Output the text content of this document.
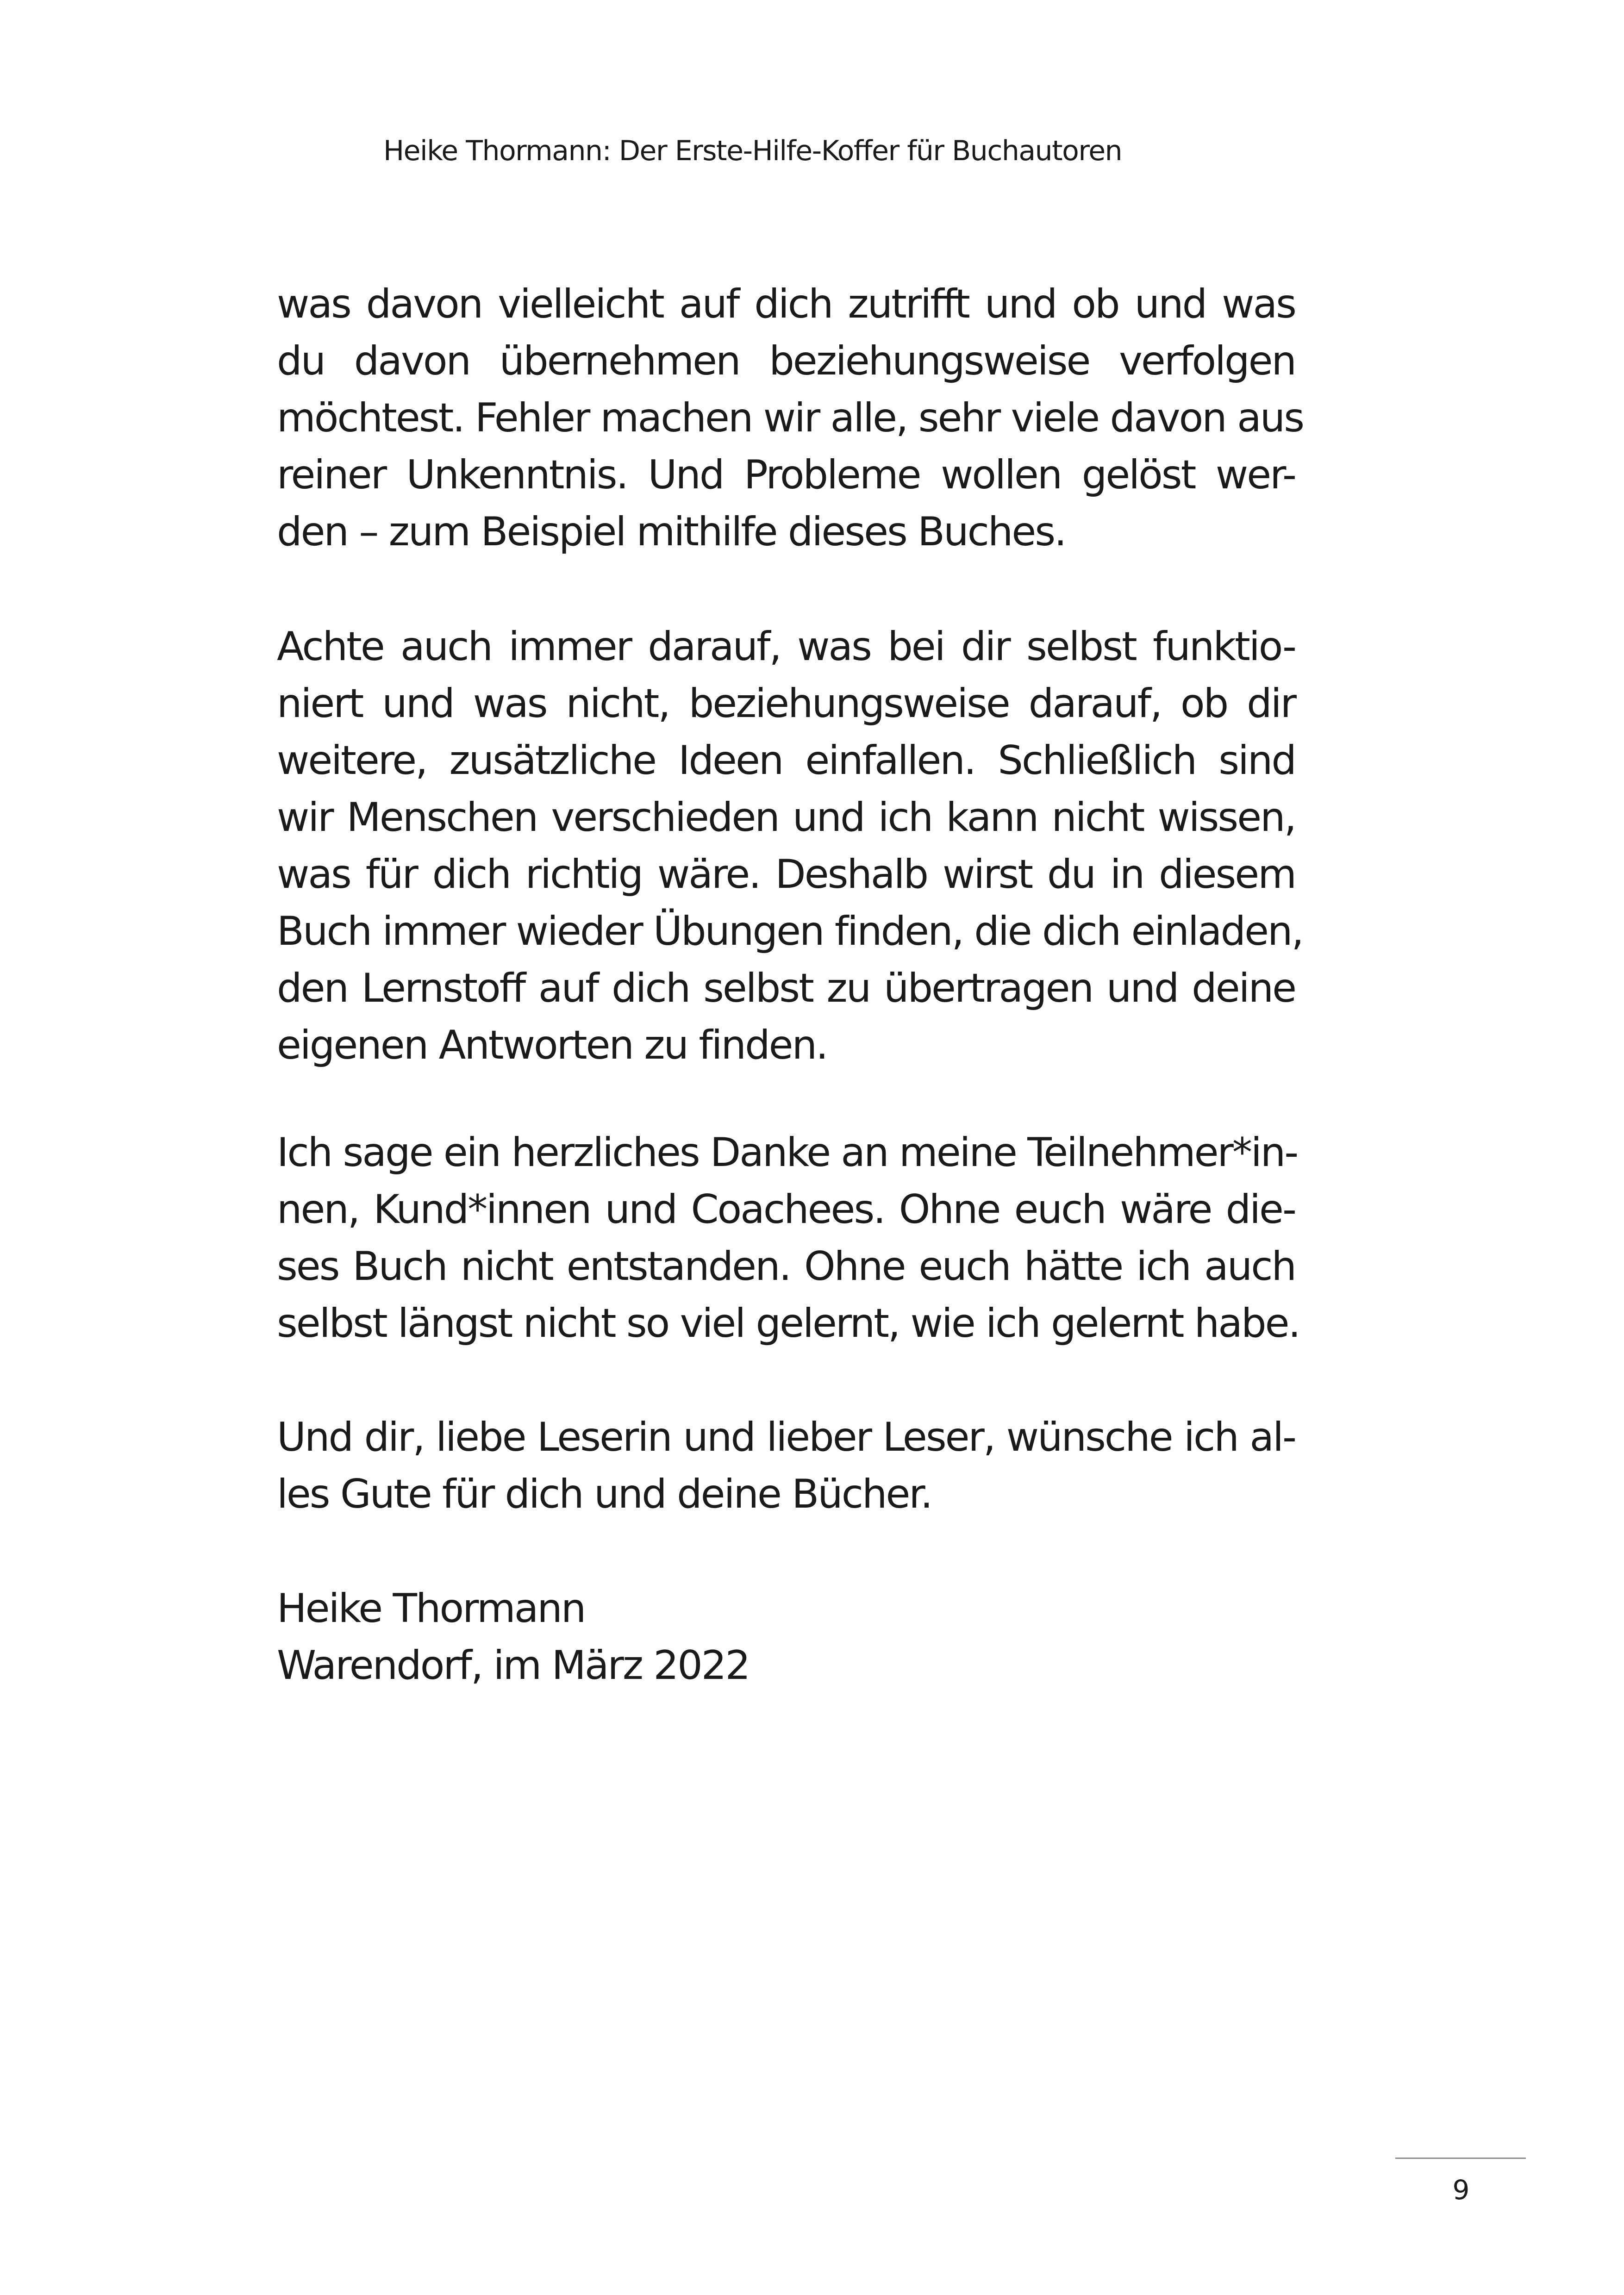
Heike Thormann: Der Erste-Hilfe-Koffer für Buchautoren
was davon vielleicht auf dich zutrifft und ob und was
du davon übernehmen beziehungsweise verfolgen
möchtest. Fehler machen wir alle, sehr viele davon aus
reiner Unkenntnis. Und Probleme wollen gelöst wer-
den – zum Beispiel mithilfe dieses Buches.
Achte auch immer darauf, was bei dir selbst funktio-
niert und was nicht, beziehungsweise darauf, ob dir
weitere, zusätzliche Ideen einfallen. Schließlich sind
wir Menschen verschieden und ich kann nicht wissen,
was für dich richtig wäre. Deshalb wirst du in diesem
Buch immer wieder Übungen finden, die dich einladen,
den Lernstoff auf dich selbst zu übertragen und deine
eigenen Antworten zu finden.
Ich sage ein herzliches Danke an meine Teilnehmer*in-
nen, Kund*innen und Coachees. Ohne euch wäre die-
ses Buch nicht entstanden. Ohne euch hätte ich auch
selbst längst nicht so viel gelernt, wie ich gelernt habe.
Und dir, liebe Leserin und lieber Leser, wünsche ich al-
les Gute für dich und deine Bücher.
Heike Thormann
Warendorf, im März 2022
9
